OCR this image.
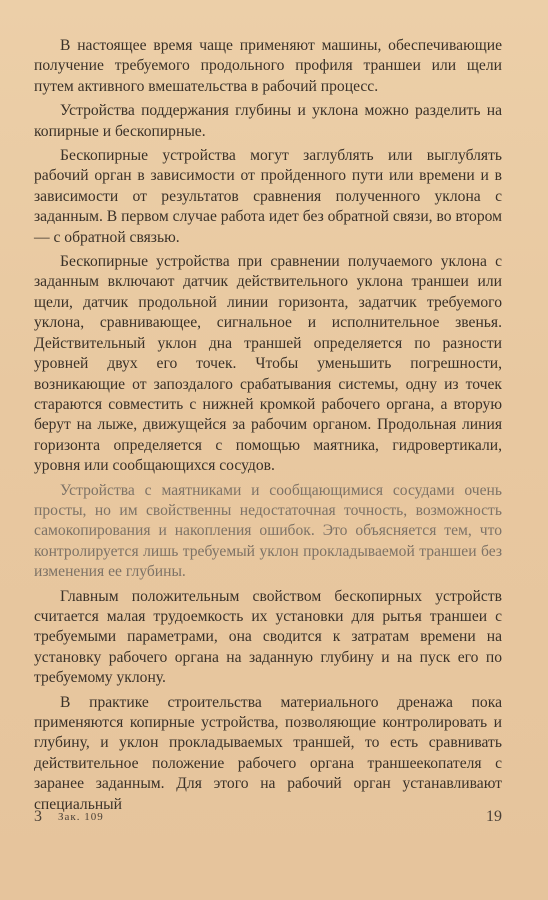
В настоящее время чаще применяют машины, обеспечивающие получение требуемого продольного профиля траншеи или щели путем активного вмешательства в рабочий процесс.

Устройства поддержания глубины и уклона можно разделить на копирные и бескопирные.

Бескопирные устройства могут заглублять или выглублять рабочий орган в зависимости от пройденного пути или времени и в зависимости от результатов сравнения полученного уклона с заданным. В первом случае работа идет без обратной связи, во втором — с обратной связью.

Бескопирные устройства при сравнении получаемого уклона с заданным включают датчик действительного уклона траншеи или щели, датчик продольной линии горизонта, задатчик требуемого уклона, сравнивающее, сигнальное и исполнительное звенья. Действительный уклон дна траншей определяется по разности уровней двух его точек. Чтобы уменьшить погрешности, возникающие от запоздалого срабатывания системы, одну из точек стараются совместить с нижней кромкой рабочего органа, а вторую берут на лыже, движущейся за рабочим органом. Продольная линия горизонта определяется с помощью маятника, гидровертикали, уровня или сообщающихся сосудов.

Устройства с маятниками и сообщающимися сосудами очень просты, но им свойственны недостаточная точность, возможность самокопирования и накопления ошибок. Это объясняется тем, что контролируется лишь требуемый уклон прокладываемой траншеи без изменения ее глубины.

Главным положительным свойством бескопирных устройств считается малая трудоемкость их установки для рытья траншеи с требуемыми параметрами, она сводится к затратам времени на установку рабочего органа на заданную глубину и на пуск его по требуемому уклону.

В практике строительства материального дренажа пока применяются копирные устройства, позволяющие контролировать и глубину, и уклон прокладываемых траншей, то есть сравнивать действительное положение рабочего органа траншеекопателя с заранее заданным. Для этого на рабочий орган устанавливают специальный

3 Зак. 109	19
